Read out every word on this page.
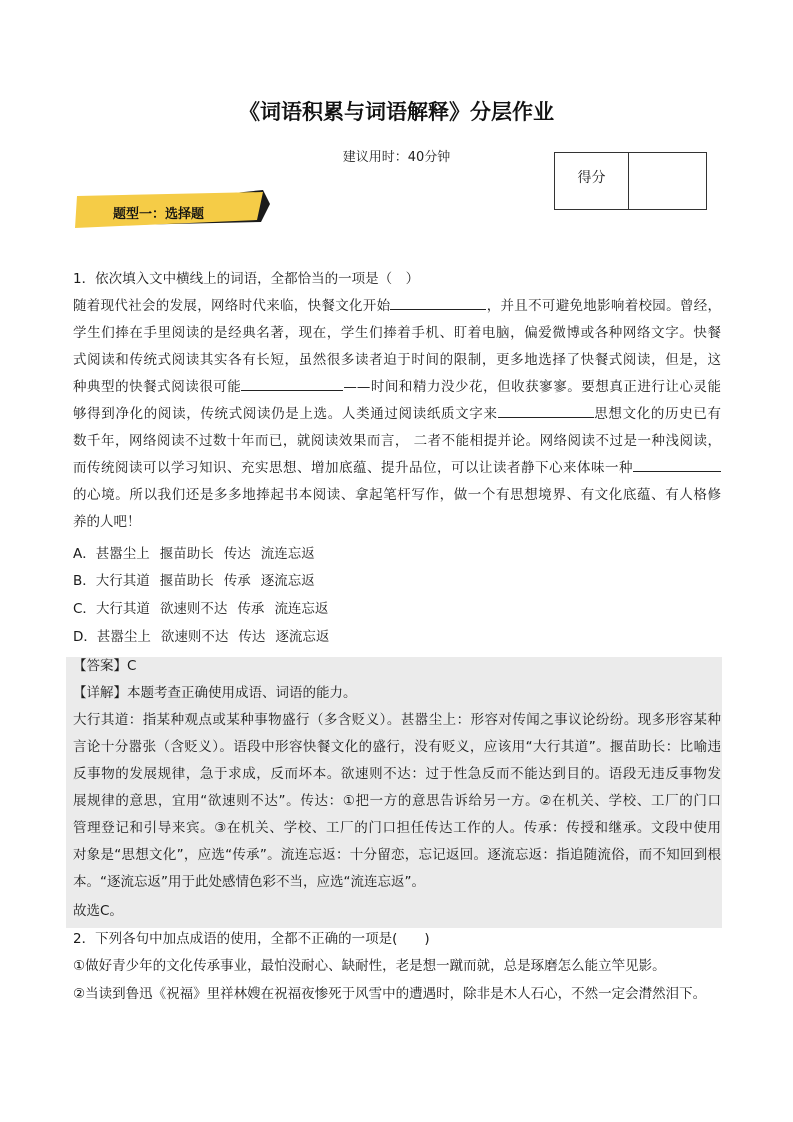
《词语积累与词语解释》分层作业
建议用时：40分钟
得分
题型一：选择题
1．依次填入文中横线上的词语，全都恰当的一项是（　）
随着现代社会的发展，网络时代来临，快餐文化开始	，并且不可避免地影响着校园。曾经，
学生们捧在手里阅读的是经典名著，现在，学生们捧着手机、盯着电脑，偏爱微博或各种网络文字。快餐
式阅读和传统式阅读其实各有长短，虽然很多读者迫于时间的限制，更多地选择了快餐式阅读，但是，这
种典型的快餐式阅读很可能	——时间和精力没少花，但收获寥寥。要想真正进行让心灵能
够得到净化的阅读，传统式阅读仍是上选。人类通过阅读纸质文字来	思想文化的历史已有
数千年，网络阅读不过数十年而已，就阅读效果而言， 二者不能相提并论。网络阅读不过是一种浅阅读，
而传统阅读可以学习知识、充实思想、增加底蕴、提升品位，可以让读者静下心来体味一种
的心境。所以我们还是多多地捧起书本阅读、拿起笔杆写作，做一个有思想境界、有文化底蕴、有人格修
养的人吧！
A．甚嚣尘上 揠苗助长 传达 流连忘返
B．大行其道 揠苗助长 传承 逐流忘返
C．大行其道 欲速则不达 传承 流连忘返
D．甚嚣尘上 欲速则不达 传达 逐流忘返
【答案】C
【详解】本题考查正确使用成语、词语的能力。
大行其道：指某种观点或某种事物盛行（多含贬义）。甚嚣尘上：形容对传闻之事议论纷纷。现多形容某种
言论十分嚣张（含贬义）。语段中形容快餐文化的盛行，没有贬义，应该用“大行其道”。揠苗助长：比喻违
反事物的发展规律，急于求成，反而坏本。欲速则不达：过于性急反而不能达到目的。语段无违反事物发
展规律的意思，宜用“欲速则不达”。传达：①把一方的意思告诉给另一方。②在机关、学校、工厂的门口
管理登记和引导来宾。③在机关、学校、工厂的门口担任传达工作的人。传承：传授和继承。文段中使用
对象是“思想文化”，应选“传承”。流连忘返：十分留恋，忘记返回。逐流忘返：指追随流俗，而不知回到根
本。“逐流忘返”用于此处感情色彩不当，应选“流连忘返”。
故选C。
2．下列各句中加点成语的使用，全都不正确的一项是(　　)
①做好青少年的文化传承事业，最怕没耐心、缺耐性，老是想一蹴而就，总是琢磨怎么能立竿见影。
②当读到鲁迅《祝福》里祥林嫂在祝福夜惨死于风雪中的遭遇时，除非是木人石心，不然一定会潸然泪下。
